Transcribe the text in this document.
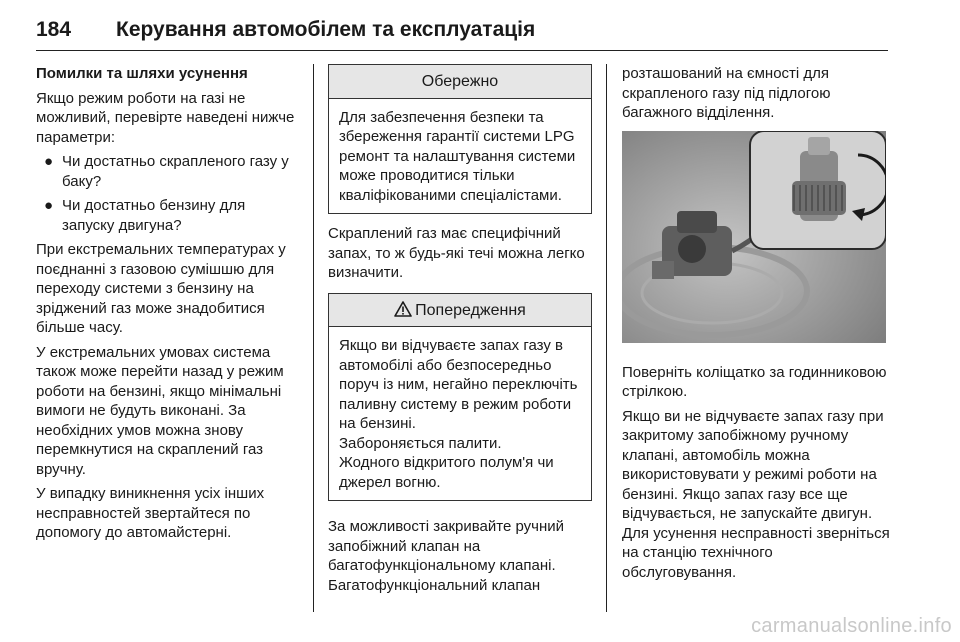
184 Керування автомобілем та експлуатація

Помилки та шляхи усунення

Якщо режим роботи на газі не можливий, перевірте наведені нижче параметри:

● Чи достатньо скрапленого газу у баку?
● Чи достатньо бензину для запуску двигуна?

При екстремальних температурах у поєднанні з газовою сумішшю для переходу системи з бензину на зріджений газ може знадобитися більше часу.

У екстремальних умовах система також може перейти назад у режим роботи на бензині, якщо мінімальні вимоги не будуть виконані. За необхідних умов можна знову перемкнутися на скраплений газ вручну.

У випадку виникнення усіх інших несправностей звертайтеся по допомогу до автомайстерні.

Обережно
Для забезпечення безпеки та збереження гарантії системи LPG ремонт та налаштування системи може проводитися тільки кваліфікованими спеціалістами.

Скраплений газ має специфічний запах, то ж будь-які течі можна легко визначити.

Попередження
Якщо ви відчуваєте запах газу в автомобілі або безпосередньо поруч із ним, негайно переключіть паливну систему в режим роботи на бензині.
Забороняється палити.
Жодного відкритого полум'я чи джерел вогню.

За можливості закривайте ручний запобіжний клапан на багатофункціональному клапані. Багатофункціональний клапан

розташований на ємності для скрапленого газу під підлогою багажного відділення.

Поверніть коліщатко за годинниковою стрілкою.

Якщо ви не відчуваєте запах газу при закритому запобіжному ручному клапані, автомобіль можна використовувати у режимі роботи на бензині. Якщо запах газу все ще відчувається, не запускайте двигун. Для усунення несправності зверніться на станцію технічного обслуговування.

carmanualsonline.info
